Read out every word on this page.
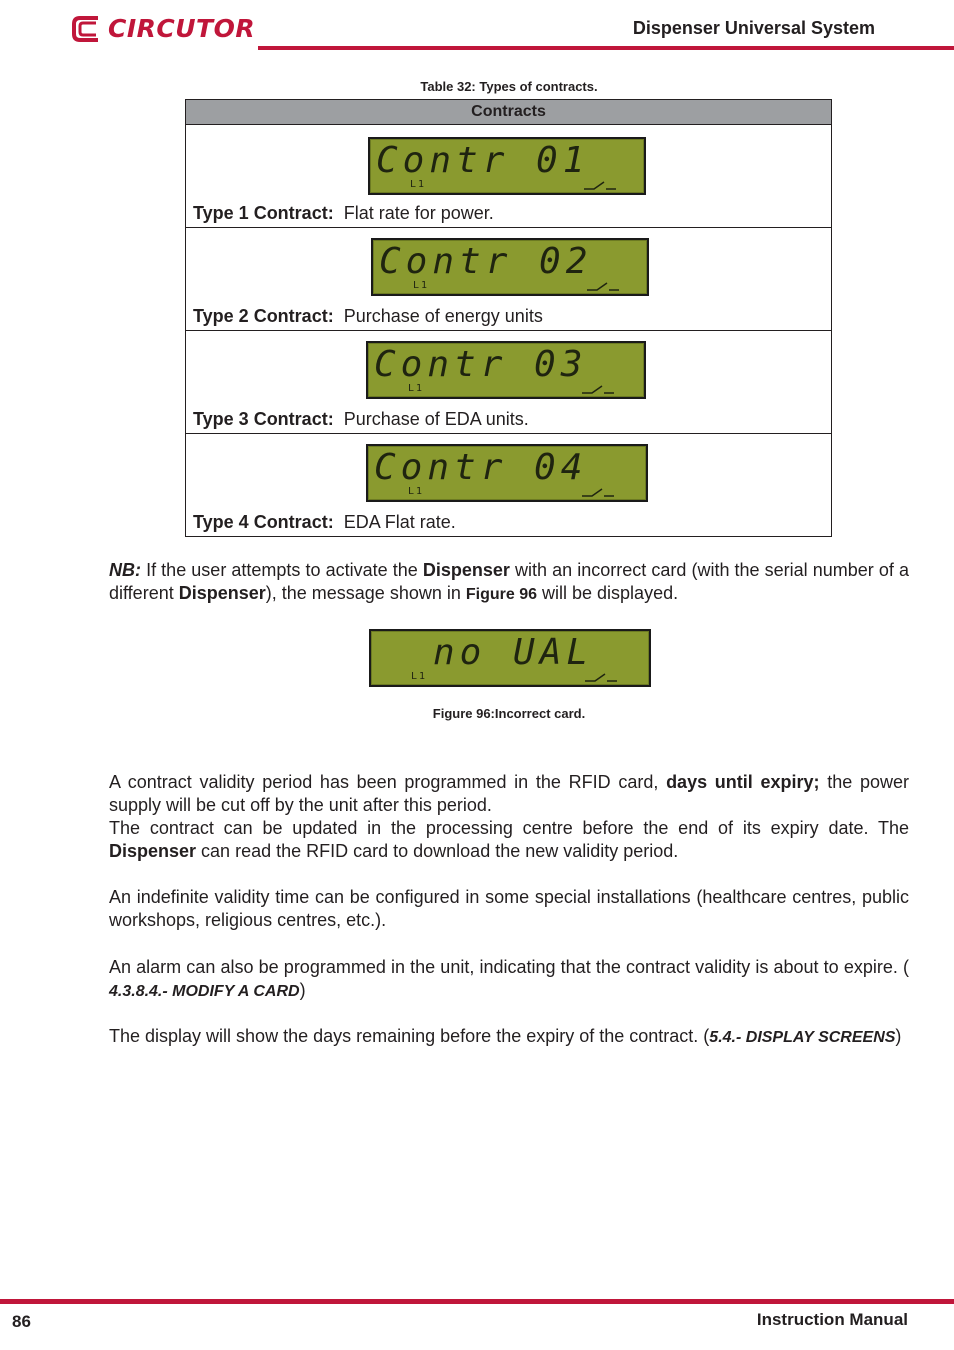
CIRCUTOR	Dispenser Universal System
Table 32: Types of contracts.
Contracts

Contr 01
L1
Type 1 Contract: Flat rate for power.

Contr 02
L1
Type 2 Contract: Purchase of energy units

Contr 03
L1
Type 3 Contract: Purchase of EDA units.

Contr 04
L1
Type 4 Contract: EDA Flat rate.

NB: If the user attempts to activate the Dispenser with an incorrect card (with the serial number of a different Dispenser), the message shown in Figure 96 will be displayed.

no UAL
L1
Figure 96:Incorrect card.

A contract validity period has been programmed in the RFID card, days until expiry; the power supply will be cut off by the unit after this period.
The contract can be updated in the processing centre before the end of its expiry date. The Dispenser can read the RFID card to download the new validity period.

An indefinite validity time can be configured in some special installations (healthcare centres, public workshops, religious centres, etc.).

An alarm can also be programmed in the unit, indicating that the contract validity is about to expire. ( 4.3.8.4.- MODIFY A CARD)

The display will show the days remaining before the expiry of the contract. (5.4.- DISPLAY SCREENS)

86	Instruction Manual
